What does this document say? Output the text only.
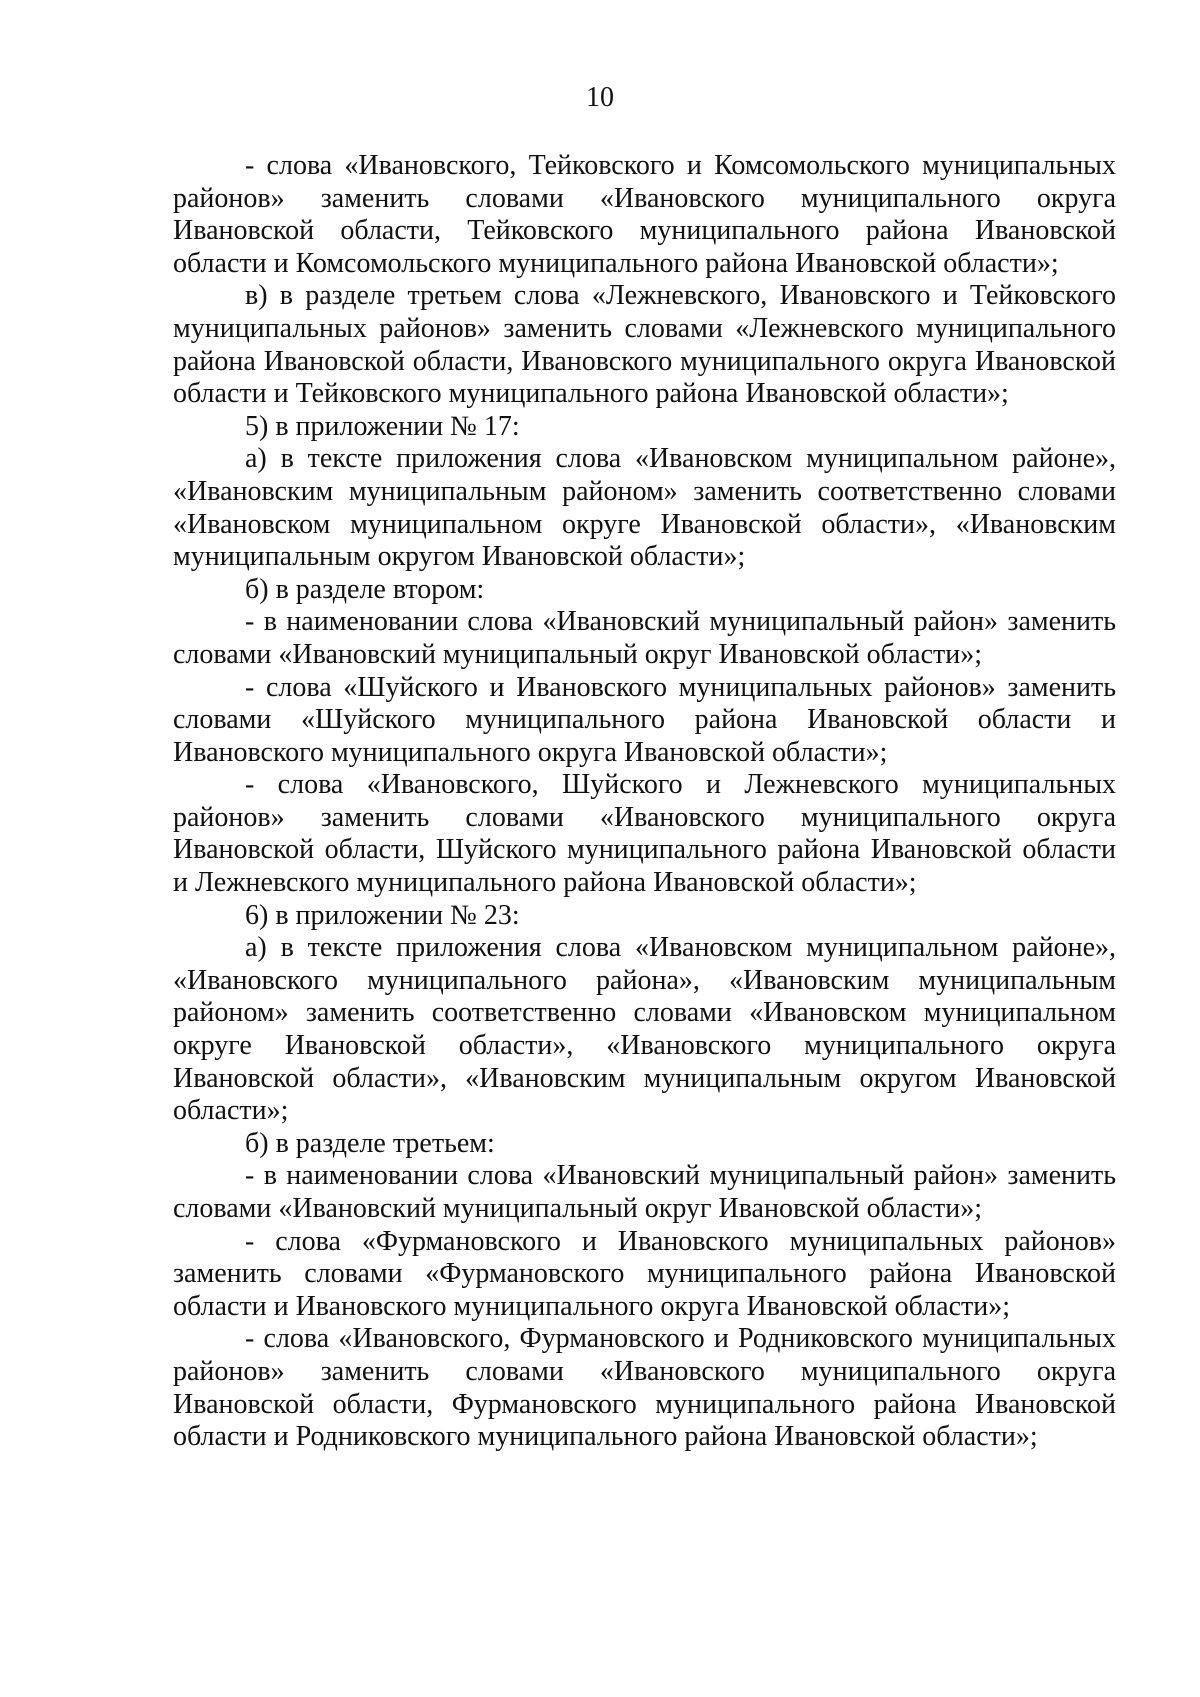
10

- слова «Ивановского, Тейковского и Комсомольского муниципальных районов» заменить словами «Ивановского муниципального округа Ивановской области, Тейковского муниципального района Ивановской области и Комсомольского муниципального района Ивановской области»;

в) в разделе третьем слова «Лежневского, Ивановского и Тейковского муниципальных районов» заменить словами «Лежневского муниципального района Ивановской области, Ивановского муниципального округа Ивановской области и Тейковского муниципального района Ивановской области»;

5) в приложении № 17:

а) в тексте приложения слова «Ивановском муниципальном районе», «Ивановским муниципальным районом» заменить соответственно словами «Ивановском муниципальном округе Ивановской области», «Ивановским муниципальным округом Ивановской области»;

б) в разделе втором:

- в наименовании слова «Ивановский муниципальный район» заменить словами «Ивановский муниципальный округ Ивановской области»;

- слова «Шуйского и Ивановского муниципальных районов» заменить словами «Шуйского муниципального района Ивановской области и Ивановского муниципального округа Ивановской области»;

- слова «Ивановского, Шуйского и Лежневского муниципальных районов» заменить словами «Ивановского муниципального округа Ивановской области, Шуйского муниципального района Ивановской области и Лежневского муниципального района Ивановской области»;

6) в приложении № 23:

а) в тексте приложения слова «Ивановском муниципальном районе», «Ивановского муниципального района», «Ивановским муниципальным районом» заменить соответственно словами «Ивановском муниципальном округе Ивановской области», «Ивановского муниципального округа Ивановской области», «Ивановским муниципальным округом Ивановской области»;

б) в разделе третьем:

- в наименовании слова «Ивановский муниципальный район» заменить словами «Ивановский муниципальный округ Ивановской области»;

- слова «Фурмановского и Ивановского муниципальных районов» заменить словами «Фурмановского муниципального района Ивановской области и Ивановского муниципального округа Ивановской области»;

- слова «Ивановского, Фурмановского и Родниковского муниципальных районов» заменить словами «Ивановского муниципального округа Ивановской области, Фурмановского муниципального района Ивановской области и Родниковского муниципального района Ивановской области»;
